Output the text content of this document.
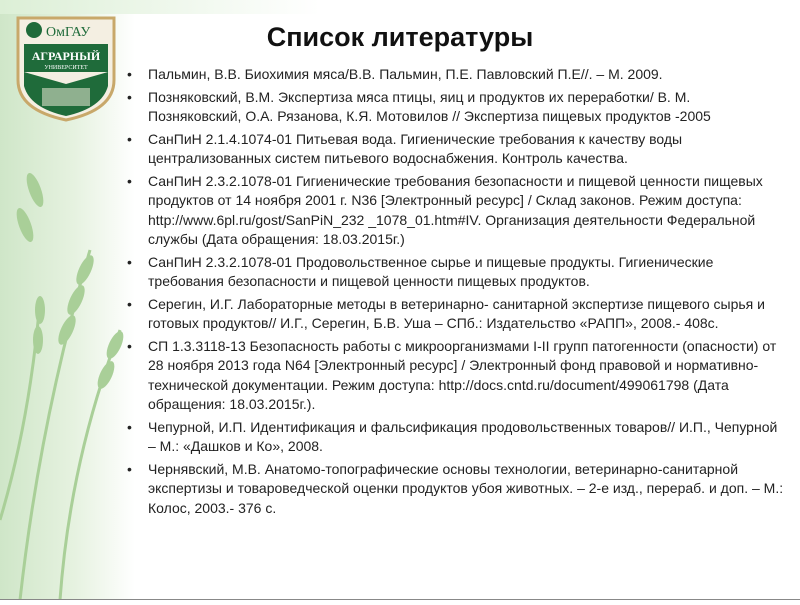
ОмГАУ
АГРАРНЫЙ
УНИВЕРСИТЕТ
Список литературы
• Пальмин, В.В. Биохимия мяса/В.В. Пальмин, П.Е. Павловский П.Е//. – М. 2009.
• Позняковский, В.М. Экспертиза мяса птицы, яиц и продуктов их переработки/ В. М. Позняковский, О.А. Рязанова, К.Я. Мотовилов // Экспертиза пищевых продуктов -2005
• СанПиН 2.1.4.1074-01 Питьевая вода. Гигиенические требования к качеству воды централизованных систем питьевого водоснабжения. Контроль качества.
• СанПиН 2.3.2.1078-01 Гигиенические требования безопасности и пищевой ценности пищевых продуктов от 14 ноября 2001 г. N36 [Электронный ресурс] / Склад законов. Режим доступа: http://www.6pl.ru/gost/SanPiN_232 _1078_01.htm#IV. Организация деятельности Федеральной службы (Дата обращения: 18.03.2015г.)
• СанПиН 2.3.2.1078-01 Продовольственное сырье и пищевые продукты. Гигиенические требования безопасности и пищевой ценности пищевых продуктов.
• Серегин, И.Г. Лабораторные методы в ветеринарно- санитарной экспертизе пищевого сырья и готовых продуктов// И.Г., Серегин, Б.В. Уша – СПб.: Издательство «РАПП», 2008.- 408с.
• СП 1.3.3118-13 Безопасность работы с микроорганизмами I-II групп патогенности (опасности) от 28 ноября 2013 года N64 [Электронный ресурс] / Электронный фонд правовой и нормативно-технической документации. Режим доступа: http://docs.cntd.ru/document/499061798 (Дата обращения: 18.03.2015г.).
• Чепурной, И.П. Идентификация и фальсификация продовольственных товаров// И.П., Чепурной – М.: «Дашков и Ко», 2008.
• Чернявский, М.В. Анатомо-топографические основы технологии, ветеринарно-санитарной экспертизы и товароведческой оценки продуктов убоя животных. – 2-е изд., перераб. и доп. – М.: Колос, 2003.- 376 с.
